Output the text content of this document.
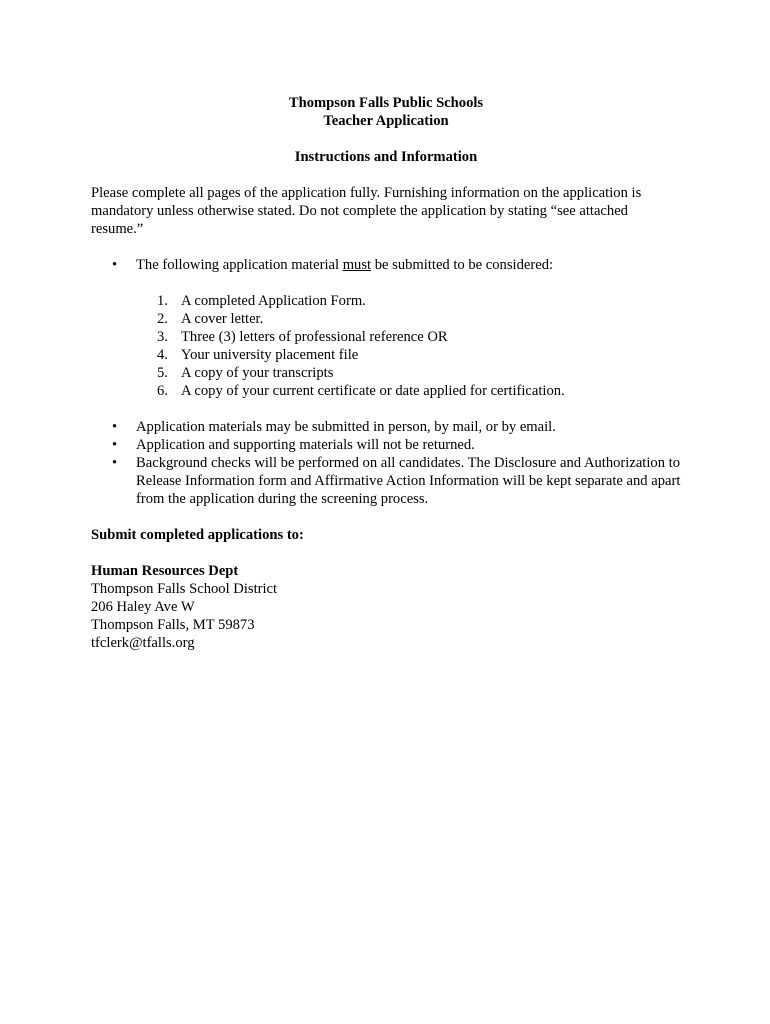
Thompson Falls Public Schools
Teacher Application
Instructions and Information

Please complete all pages of the application fully. Furnishing information on the application is mandatory unless otherwise stated. Do not complete the application by stating “see attached resume.”

• The following application material must be submitted to be considered:
1. A completed Application Form.
2. A cover letter.
3. Three (3) letters of professional reference OR
4. Your university placement file
5. A copy of your transcripts
6. A copy of your current certificate or date applied for certification.
• Application materials may be submitted in person, by mail, or by email.
• Application and supporting materials will not be returned.
• Background checks will be performed on all candidates. The Disclosure and Authorization to Release Information form and Affirmative Action Information will be kept separate and apart from the application during the screening process.
Submit completed applications to:
Human Resources Dept
Thompson Falls School District
206 Haley Ave W
Thompson Falls, MT 59873
tfclerk@tfalls.org
